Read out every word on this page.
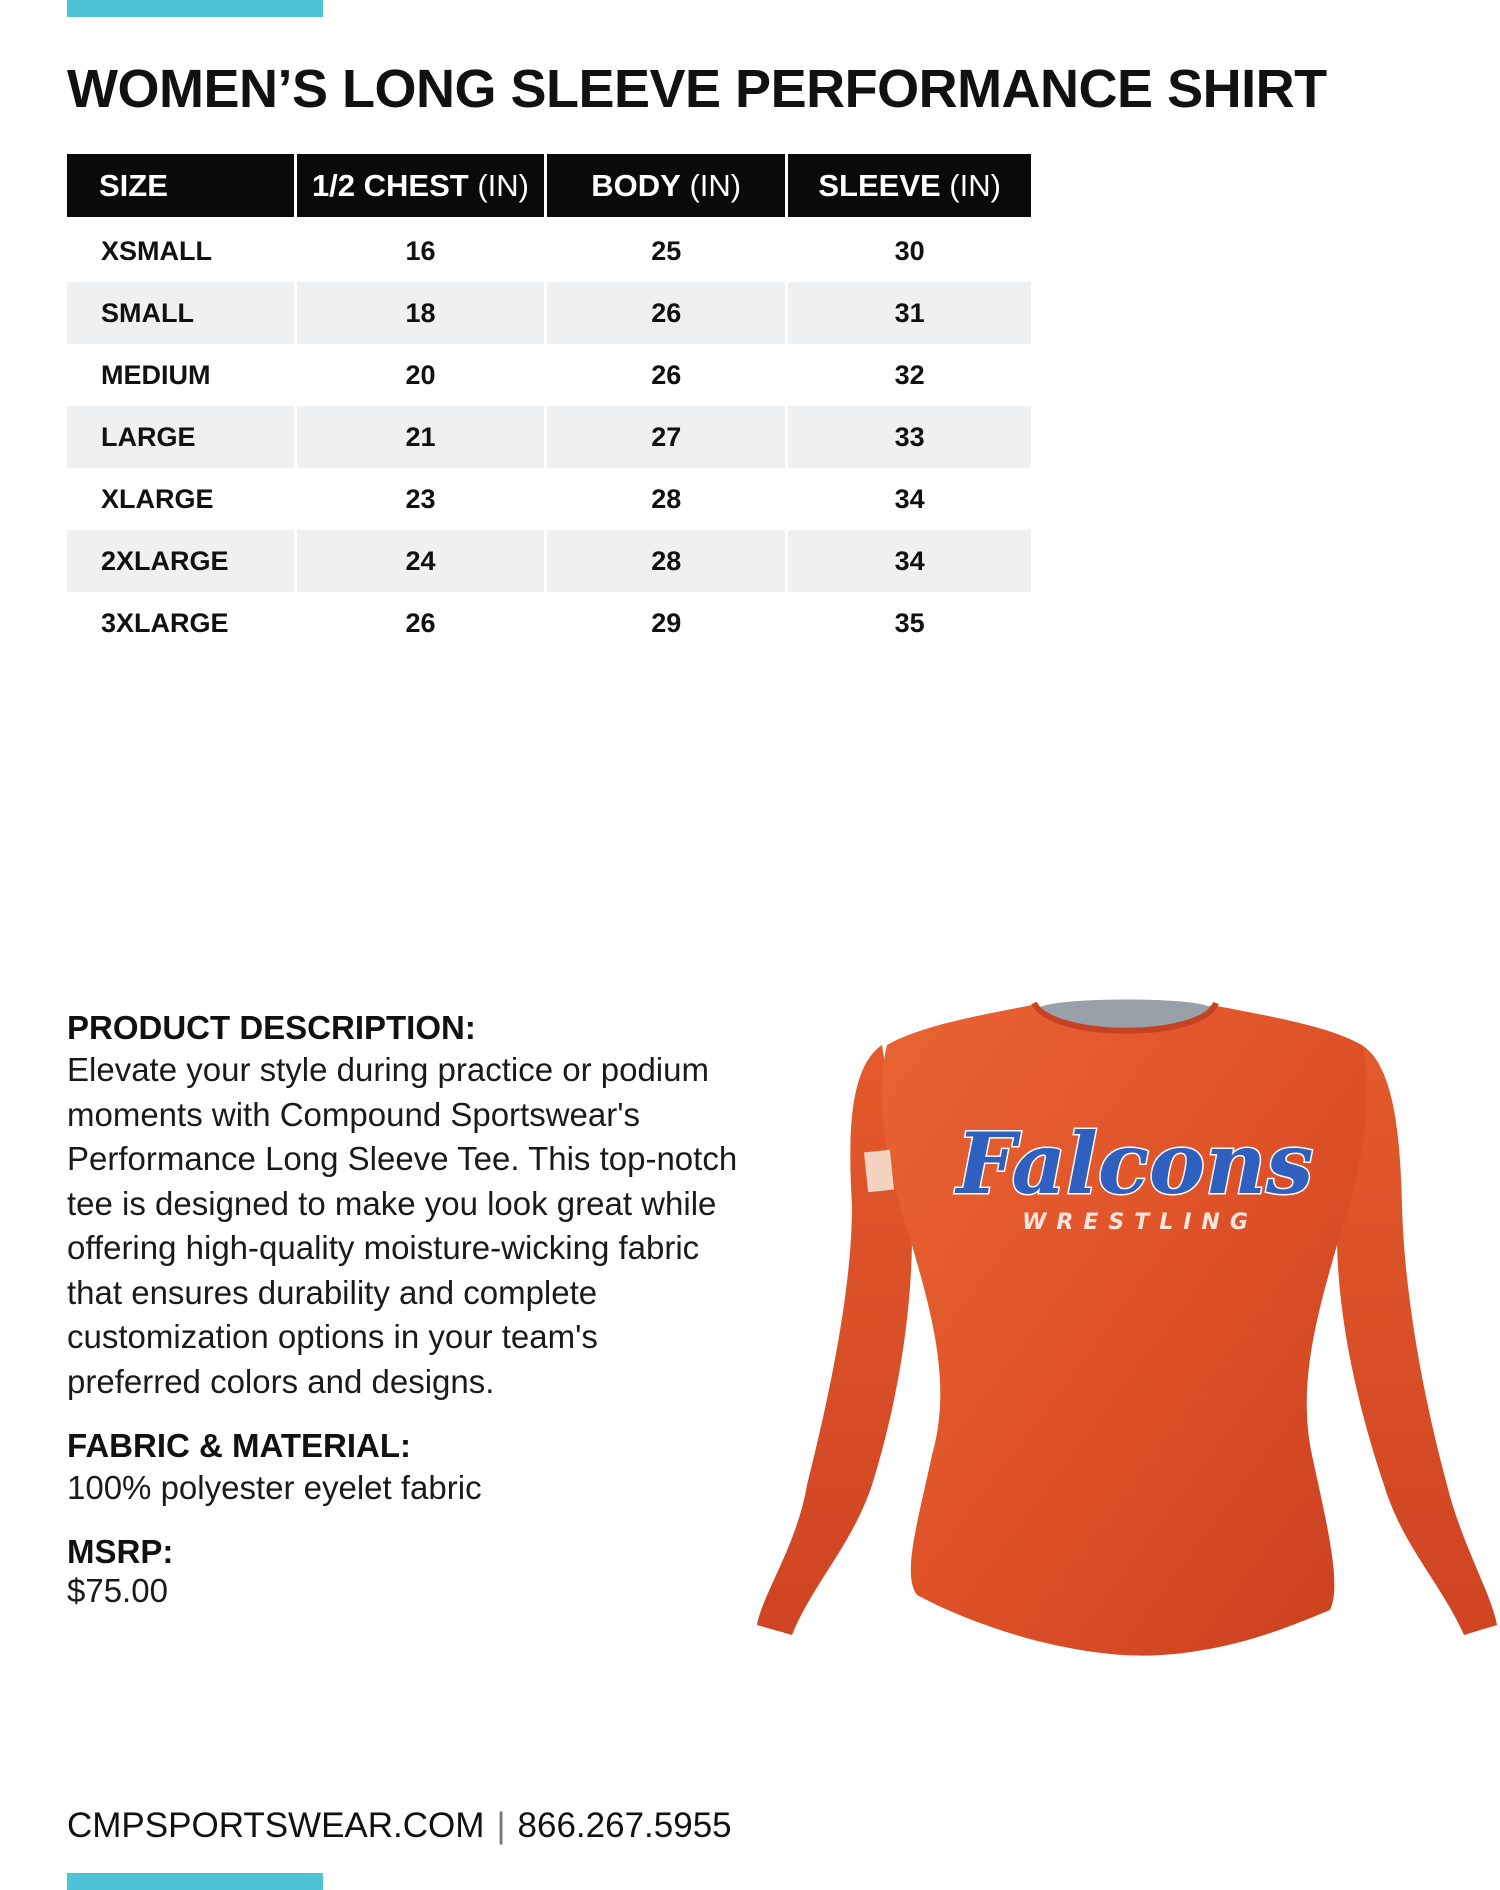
WOMEN’S LONG SLEEVE PERFORMANCE SHIRT
SIZE	1/2 CHEST (IN)	BODY (IN)	SLEEVE (IN)
XSMALL	16	25	30
SMALL	18	26	31
MEDIUM	20	26	32
LARGE	21	27	33
XLARGE	23	28	34
2XLARGE	24	28	34
3XLARGE	26	29	35

PRODUCT DESCRIPTION:

Elevate your style during practice or podium

moments with Compound Sportswear's

Performance Long Sleeve Tee. This top-notch

tee is designed to make you look great while

offering high-quality moisture-wicking fabric

that ensures durability and complete

customization options in your team's

preferred colors and designs.

FABRIC & MATERIAL:

100% polyester eyelet fabric

MSRP:

$75.00

Falcons
WRESTLING
CMPSPORTSWEAR.COM | 866.267.5955
